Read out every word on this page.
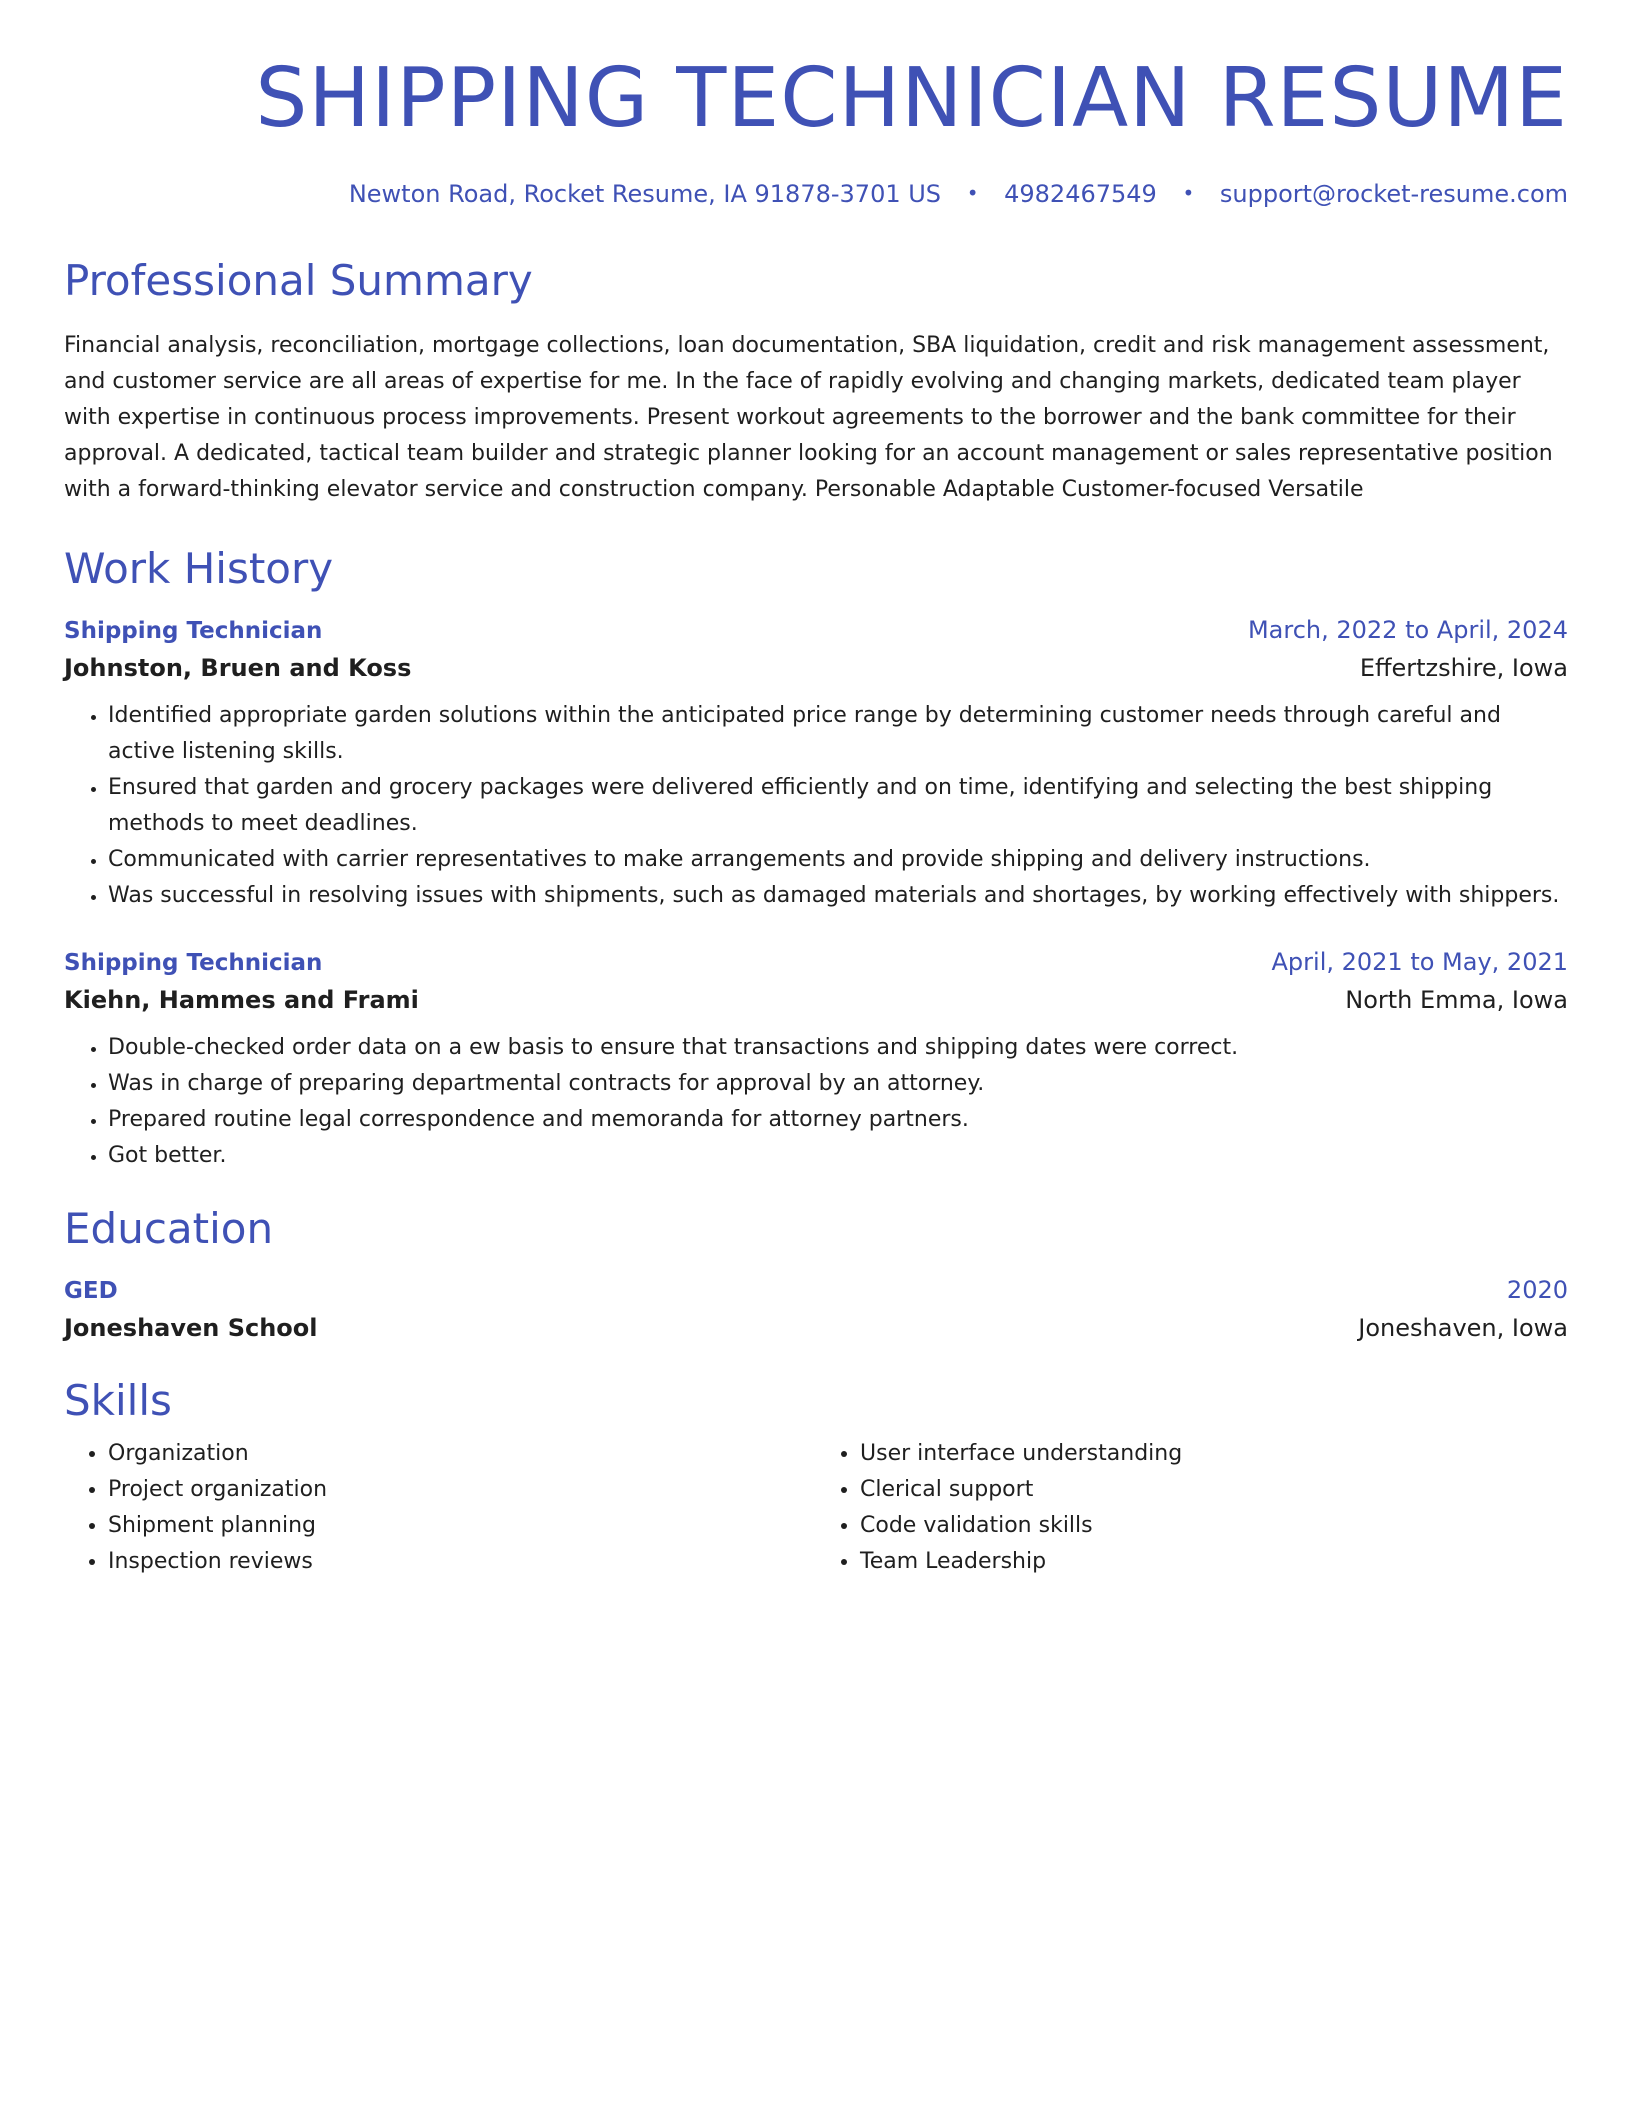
SHIPPING TECHNICIAN RESUME
Newton Road, Rocket Resume, IA 91878-3701 US • 4982467549 • support@rocket-resume.com
Professional Summary

Financial analysis, reconciliation, mortgage collections, loan documentation, SBA liquidation, credit and risk management assessment, and customer service are all areas of expertise for me. In the face of rapidly evolving and changing markets, dedicated team player with expertise in continuous process improvements. Present workout agreements to the borrower and the bank committee for their approval. A dedicated, tactical team builder and strategic planner looking for an account management or sales representative position with a forward-thinking elevator service and construction company. Personable Adaptable Customer-focused Versatile

Work History
Shipping Technician	March, 2022 to April, 2024
Johnston, Bruen and Koss	Effertzshire, Iowa
• Identified appropriate garden solutions within the anticipated price range by determining customer needs through careful and active listening skills.
• Ensured that garden and grocery packages were delivered efficiently and on time, identifying and selecting the best shipping methods to meet deadlines.
• Communicated with carrier representatives to make arrangements and provide shipping and delivery instructions.
• Was successful in resolving issues with shipments, such as damaged materials and shortages, by working effectively with shippers.
Shipping Technician	April, 2021 to May, 2021
Kiehn, Hammes and Frami	North Emma, Iowa
• Double-checked order data on a ew basis to ensure that transactions and shipping dates were correct.
• Was in charge of preparing departmental contracts for approval by an attorney.
• Prepared routine legal correspondence and memoranda for attorney partners.
• Got better.
Education
GED	2020
Joneshaven School	Joneshaven, Iowa
Skills
• Organization
• Project organization
• Shipment planning
• Inspection reviews
• User interface understanding
• Clerical support
• Code validation skills
• Team Leadership
